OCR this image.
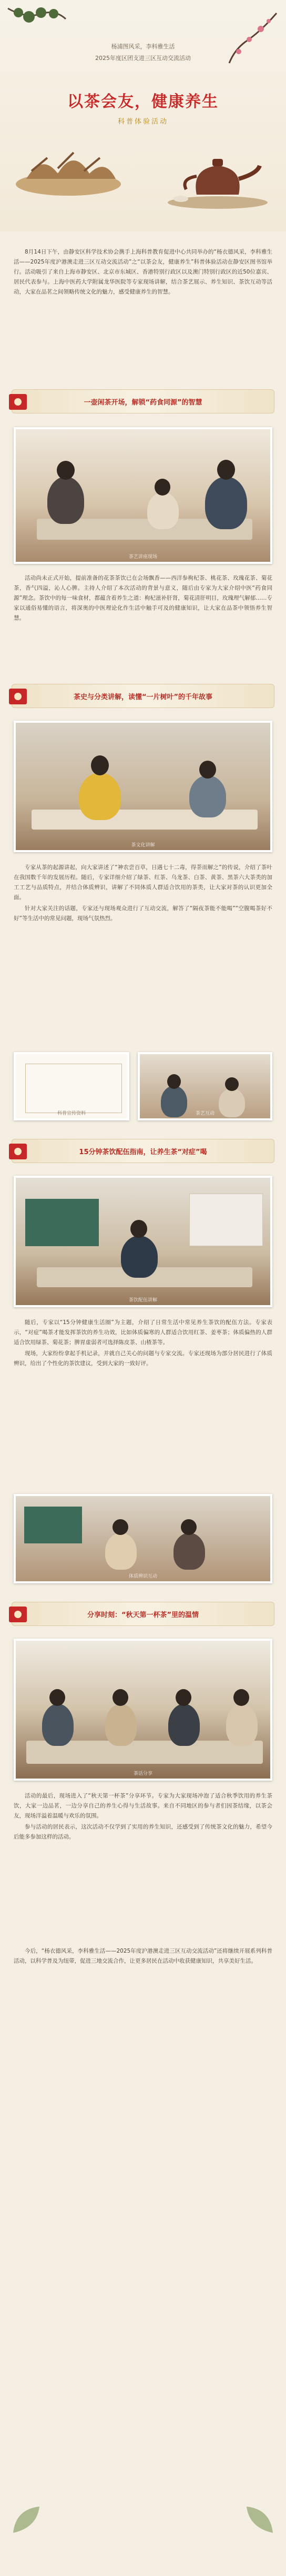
杨浦图风采，李科雅生活
2025年度区团支进三区互动交流活动
以茶会友，健康养生
科普体验活动

8月14日下午，由静安区科学技术协会携手上海科普教育促进中心共同举办的“杨衣德风采，李科雅生活——2025年度沪港澳走进三区互动交流活动”之“以茶会友，健康养生”科普体验活动在静安区图书馆举行。活动吸引了来自上海市静安区、北京市东城区、香港特别行政区以及澳门特别行政区的近50位嘉宾、居民代表参与。上海中医药大学附属龙华医院等专家现场讲解，结合茶艺展示、养生知识、茶饮互动等活动，大家在品茗之间领略传统文化的魅力，感受健康养生的智慧。

一壶闲茶开场，解锁“药食同源”的智慧
茶艺讲座现场

活动尚未正式开始，提前准备的花茶茶饮已在会场飘香——西洋参枸杞茶、桃花茶、玫瑰花茶、菊花茶，香气四溢，沁人心脾。主持人介绍了本次活动的背景与意义，随后由专家为大家介绍中医“药食同源”理念。茶饮中的每一味食材，都蕴含着养生之道：枸杞滋补肝肾，菊花清肝明目，玫瑰理气解郁……专家以通俗易懂的语言，将深奥的中医理论化作生活中触手可及的健康知识，让大家在品茶中领悟养生智慧。

茶史与分类讲解，读懂“一片树叶”的千年故事
茶文化讲解

专家从茶的起源讲起，向大家讲述了“神农尝百草，日遇七十二毒，得荼而解之”的传说，介绍了茶叶在我国数千年的发展历程。随后，专家详细介绍了绿茶、红茶、乌龙茶、白茶、黄茶、黑茶六大茶类的加工工艺与品质特点，并结合体质辨识，讲解了不同体质人群适合饮用的茶类，让大家对茶的认识更加全面。

针对大家关注的话题，专家还与现场观众进行了互动交流，解答了“隔夜茶能不能喝”“空腹喝茶好不好”等生活中的常见问题，现场气氛热烈。

科普宣传资料	茶艺互动
15分钟茶饮配伍指南，让养生茶“对症”喝
茶饮配伍讲解

随后，专家以“15分钟健康生活圈”为主题，介绍了日常生活中常见养生茶饮的配伍方法。专家表示，“对症”喝茶才能发挥茶饮的养生功效，比如体质偏寒的人群适合饮用红茶、姜枣茶；体质偏热的人群适合饮用绿茶、菊花茶；脾胃虚弱者可选择陈皮茶、山楂茶等。

现场，大家纷纷拿起手机记录，并就自己关心的问题与专家交流。专家还现场为部分居民进行了体质辨识，给出了个性化的茶饮建议，受到大家的一致好评。

体质辨识互动
分享时刻：“秋天第一杯茶”里的温情
茶话分享

活动的最后，现场进入了“秋天第一杯茶”分享环节。专家为大家现场冲泡了适合秋季饮用的养生茶饮，大家一边品茗，一边分享自己的养生心得与生活故事。来自不同地区的参与者们因茶结缘，以茶会友，现场洋溢着温暖与欢乐的氛围。

参与活动的居民表示，这次活动不仅学到了实用的养生知识，还感受到了传统茶文化的魅力，希望今后能多参加这样的活动。

今后，“杨衣德风采，李科雅生活——2025年度沪港澳走进三区互动交流活动”还将继续开展系列科普活动，以科学普及为纽带，促进三地交流合作，让更多居民在活动中收获健康知识，共享美好生活。
